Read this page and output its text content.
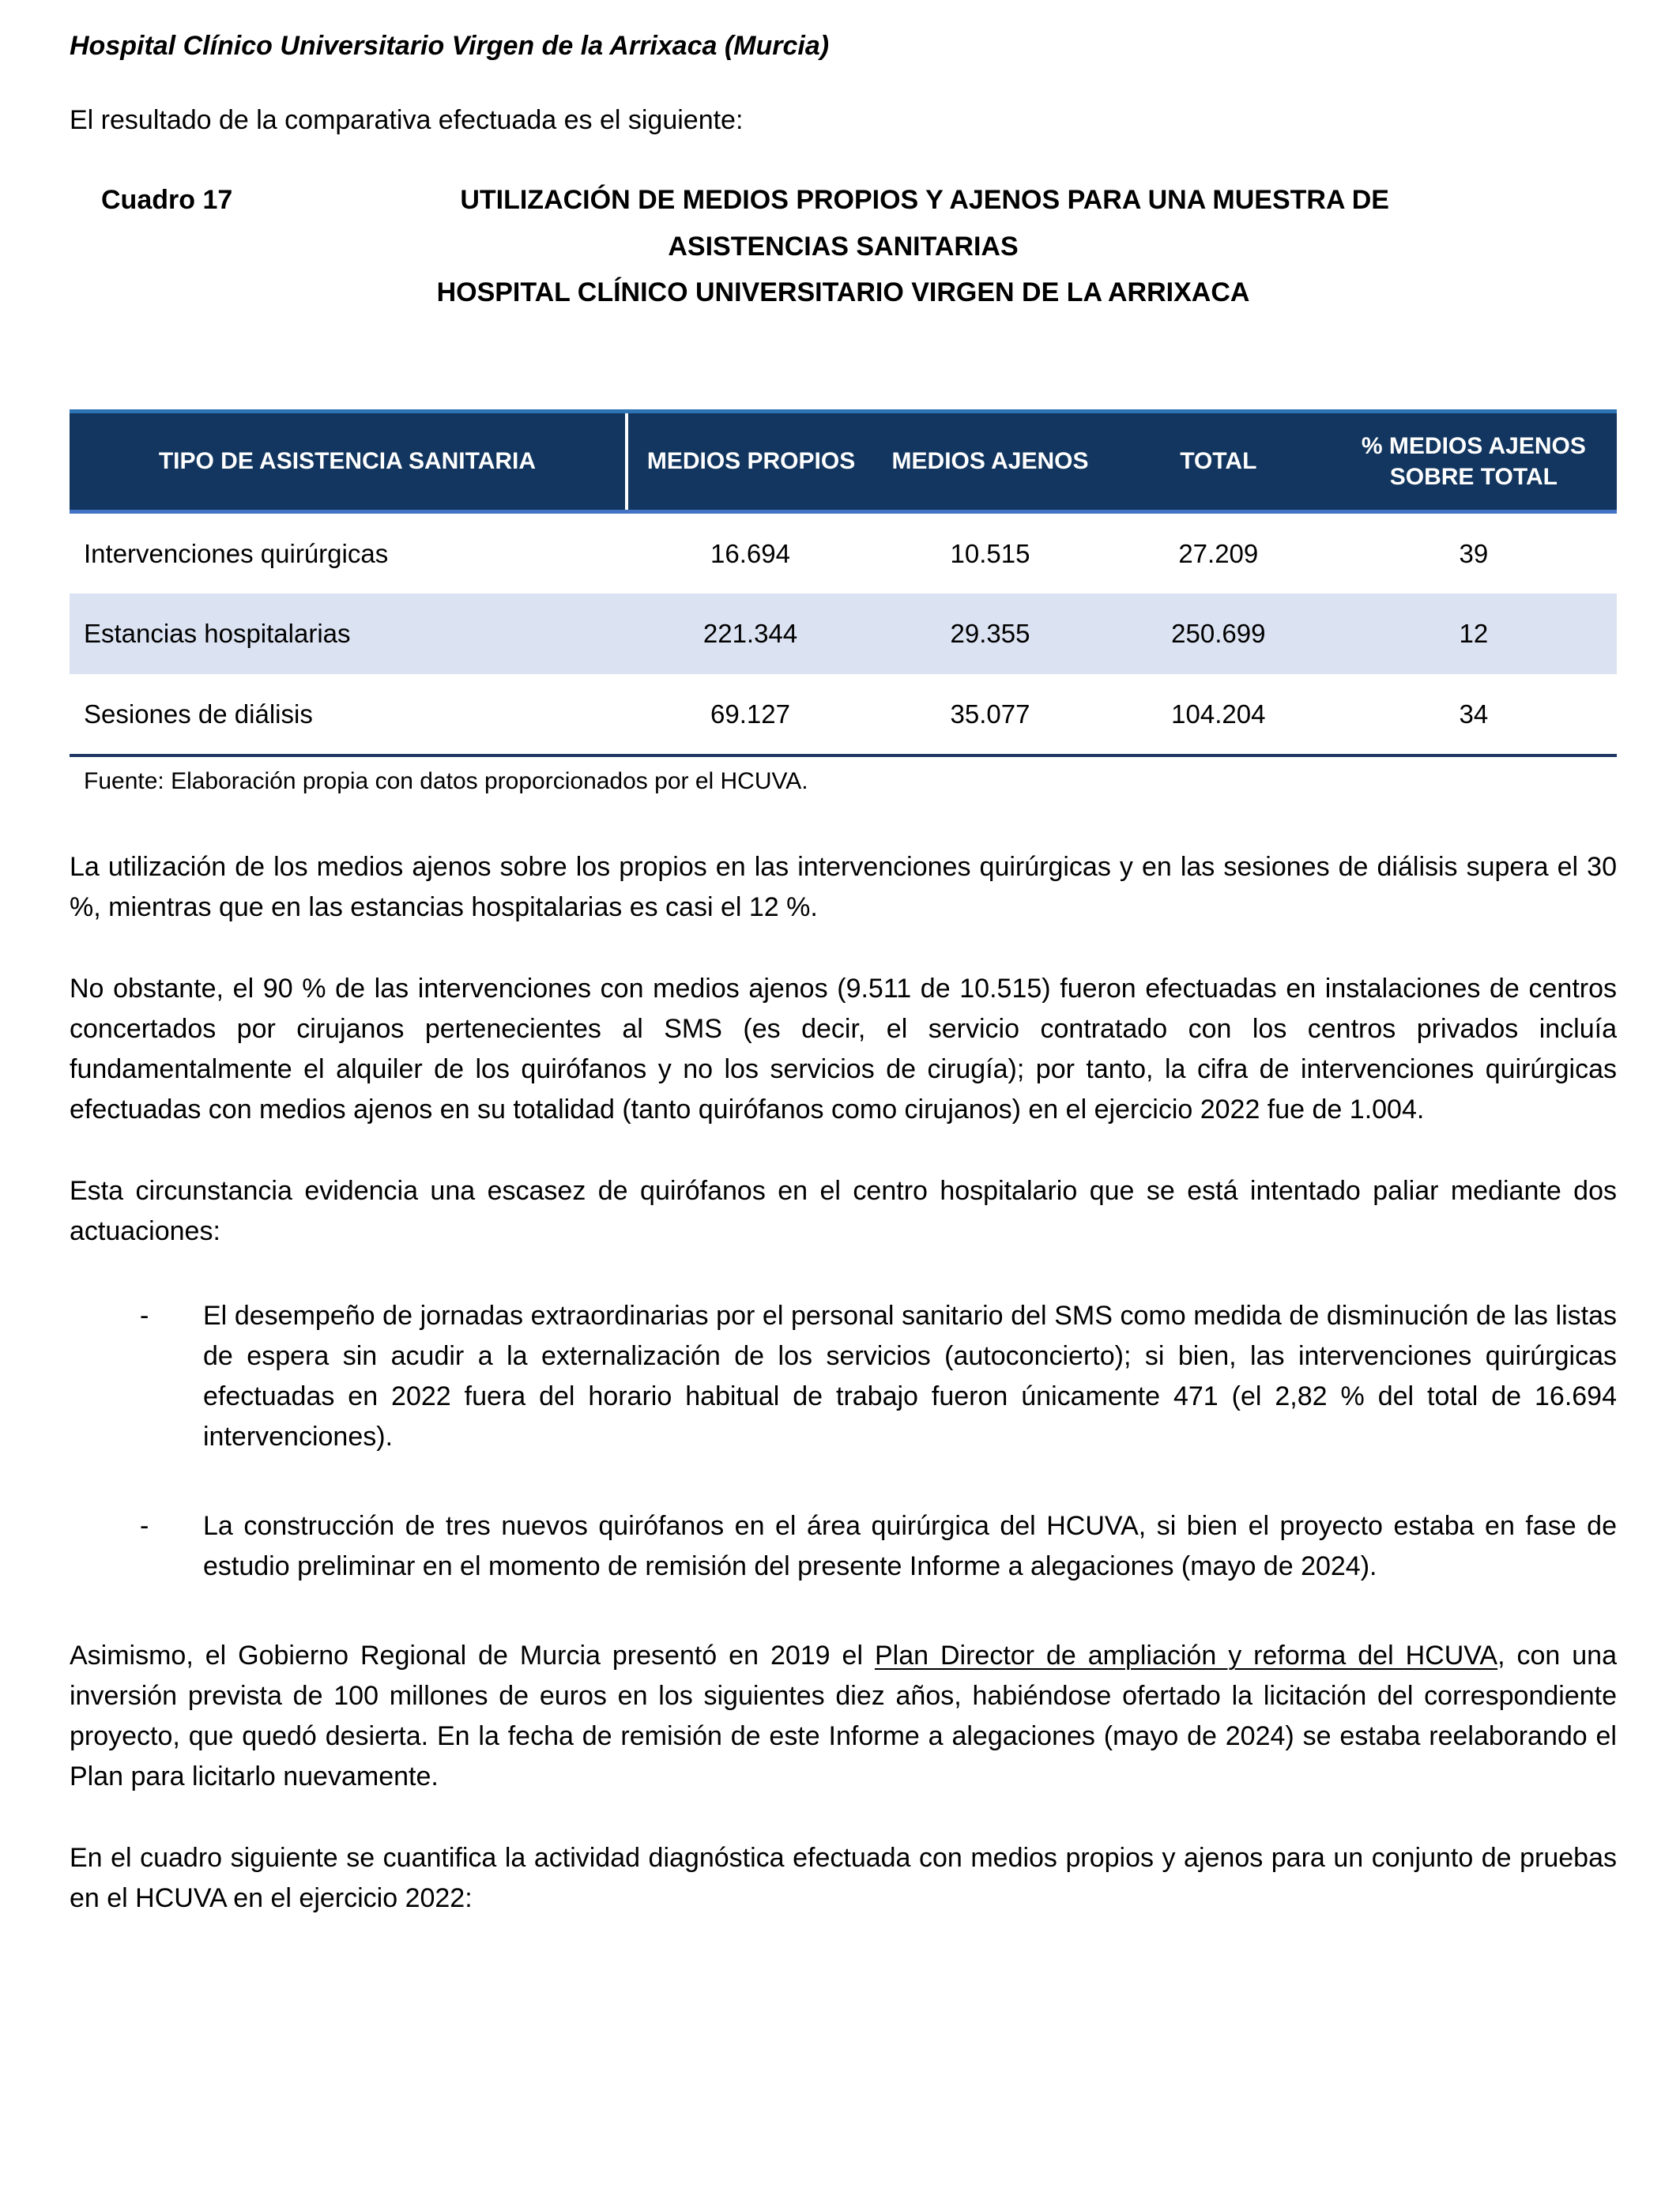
Hospital Clínico Universitario Virgen de la Arrixaca (Murcia)

El resultado de la comparativa efectuada es el siguiente:

Cuadro 17	UTILIZACIÓN DE MEDIOS PROPIOS Y AJENOS PARA UNA MUESTRA DE
ASISTENCIAS SANITARIAS
HOSPITAL CLÍNICO UNIVERSITARIO VIRGEN DE LA ARRIXACA
TIPO DE ASISTENCIA SANITARIA	MEDIOS PROPIOS	MEDIOS AJENOS	TOTAL	% MEDIOS AJENOS SOBRE TOTAL
Intervenciones quirúrgicas	16.694	10.515	27.209	39
Estancias hospitalarias	221.344	29.355	250.699	12
Sesiones de diálisis	69.127	35.077	104.204	34

Fuente: Elaboración propia con datos proporcionados por el HCUVA.

La utilización de los medios ajenos sobre los propios en las intervenciones quirúrgicas y en las sesiones de diálisis supera el 30 %, mientras que en las estancias hospitalarias es casi el 12 %.

No obstante, el 90 % de las intervenciones con medios ajenos (9.511 de 10.515) fueron efectuadas en instalaciones de centros concertados por cirujanos pertenecientes al SMS (es decir, el servicio contratado con los centros privados incluía fundamentalmente el alquiler de los quirófanos y no los servicios de cirugía); por tanto, la cifra de intervenciones quirúrgicas efectuadas con medios ajenos en su totalidad (tanto quirófanos como cirujanos) en el ejercicio 2022 fue de 1.004.

Esta circunstancia evidencia una escasez de quirófanos en el centro hospitalario que se está intentado paliar mediante dos actuaciones:

-	El desempeño de jornadas extraordinarias por el personal sanitario del SMS como medida de disminución de las listas de espera sin acudir a la externalización de los servicios (autoconcierto); si bien, las intervenciones quirúrgicas efectuadas en 2022 fuera del horario habitual de trabajo fueron únicamente 471 (el 2,82 % del total de 16.694 intervenciones).
-	La construcción de tres nuevos quirófanos en el área quirúrgica del HCUVA, si bien el proyecto estaba en fase de estudio preliminar en el momento de remisión del presente Informe a alegaciones (mayo de 2024).

Asimismo, el Gobierno Regional de Murcia presentó en 2019 el Plan Director de ampliación y reforma del HCUVA, con una inversión prevista de 100 millones de euros en los siguientes diez años, habiéndose ofertado la licitación del correspondiente proyecto, que quedó desierta. En la fecha de remisión de este Informe a alegaciones (mayo de 2024) se estaba reelaborando el Plan para licitarlo nuevamente.

En el cuadro siguiente se cuantifica la actividad diagnóstica efectuada con medios propios y ajenos para un conjunto de pruebas en el HCUVA en el ejercicio 2022:
